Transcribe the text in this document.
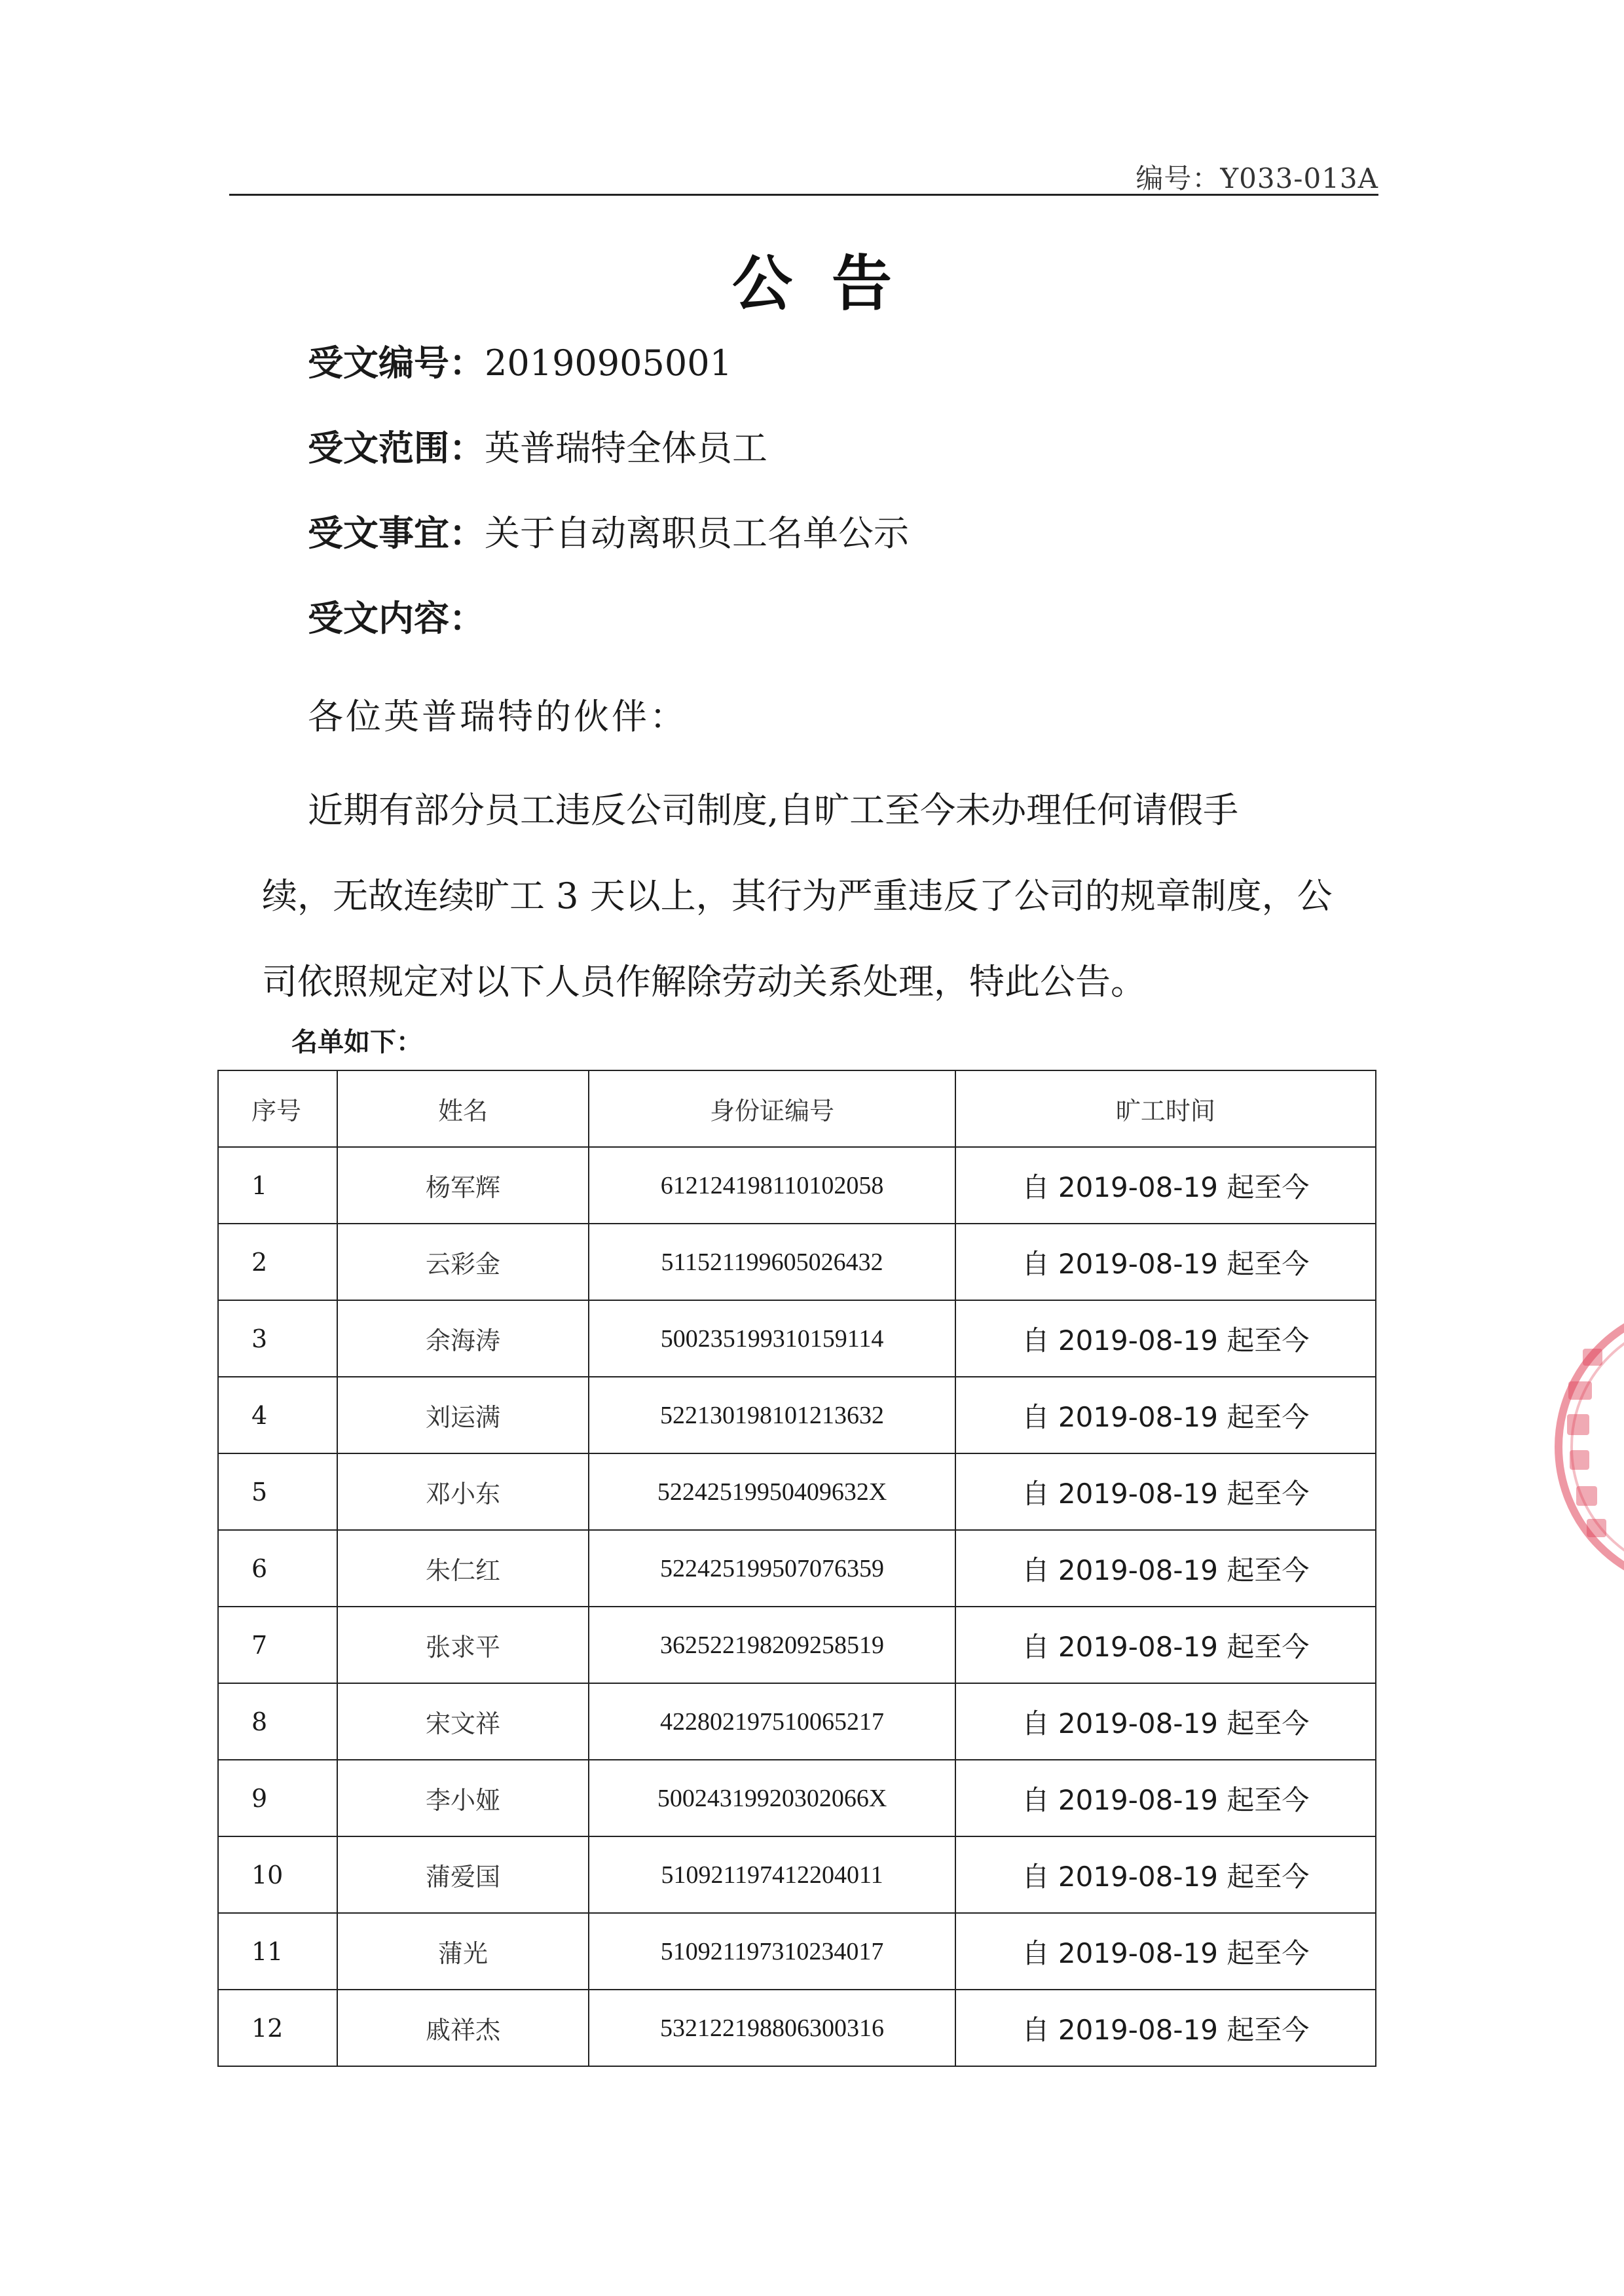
编号：Y033-013A
公告
受文编号：20190905001
受文范围：英普瑞特全体员工
受文事宜：关于自动离职员工名单公示
受文内容：
各位英普瑞特的伙伴：
近期有部分员工违反公司制度,自旷工至今未办理任何请假手
续，无故连续旷工 3 天以上，其行为严重违反了公司的规章制度，公
司依照规定对以下人员作解除劳动关系处理，特此公告。
名单如下：
序号	姓名	身份证编号	旷工时间
1	杨军辉	612124198110102058	自 2019-08-19 起至今
2	云彩金	511521199605026432	自 2019-08-19 起至今
3	余海涛	500235199310159114	自 2019-08-19 起至今
4	刘运满	522130198101213632	自 2019-08-19 起至今
5	邓小东	52242519950409632X	自 2019-08-19 起至今
6	朱仁红	522425199507076359	自 2019-08-19 起至今
7	张求平	362522198209258519	自 2019-08-19 起至今
8	宋文祥	422802197510065217	自 2019-08-19 起至今
9	李小娅	50024319920302066X	自 2019-08-19 起至今
10	蒲爱国	510921197412204011	自 2019-08-19 起至今
11	蒲光	510921197310234017	自 2019-08-19 起至今
12	戚祥杰	532122198806300316	自 2019-08-19 起至今
